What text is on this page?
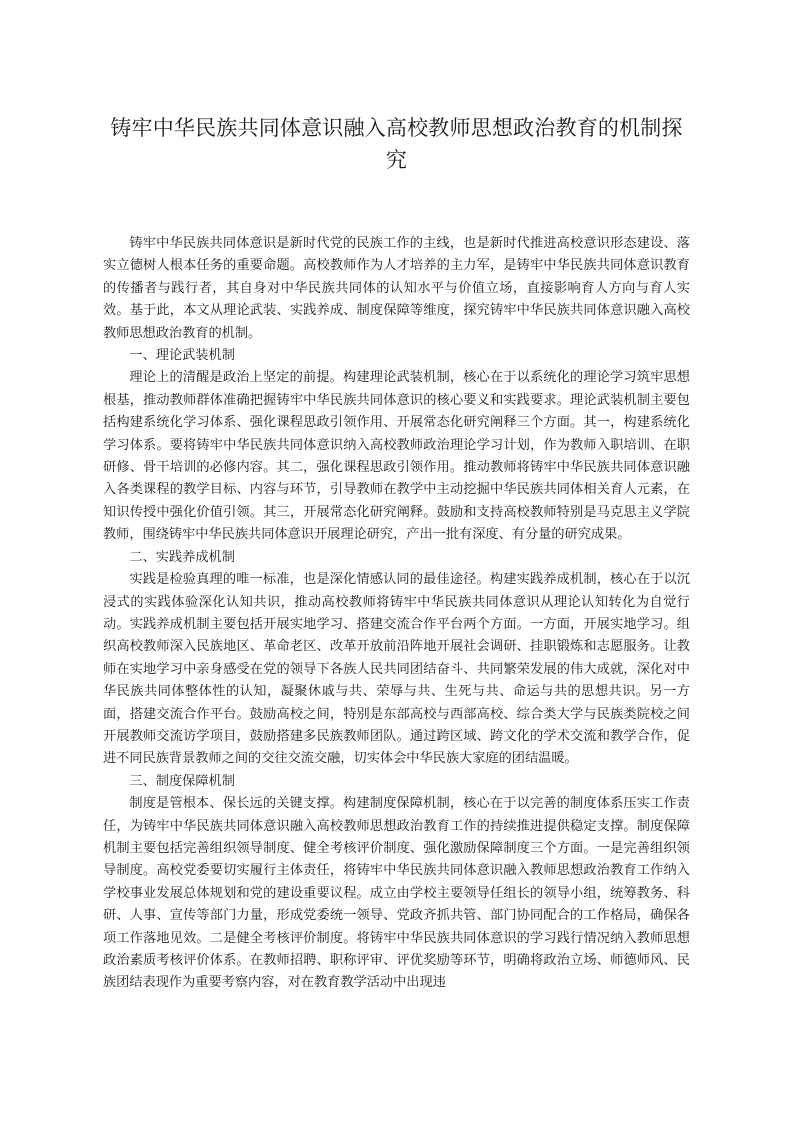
铸牢中华民族共同体意识融入高校教师思想政治教育的机制探究

铸牢中华民族共同体意识是新时代党的民族工作的主线，也是新时代推进高校意识形态建设、落实立德树人根本任务的重要命题。高校教师作为人才培养的主力军，是铸牢中华民族共同体意识教育的传播者与践行者，其自身对中华民族共同体的认知水平与价值立场，直接影响育人方向与育人实效。基于此，本文从理论武装、实践养成、制度保障等维度，探究铸牢中华民族共同体意识融入高校教师思想政治教育的机制。

一、理论武装机制

理论上的清醒是政治上坚定的前提。构建理论武装机制，核心在于以系统化的理论学习筑牢思想根基，推动教师群体准确把握铸牢中华民族共同体意识的核心要义和实践要求。理论武装机制主要包括构建系统化学习体系、强化课程思政引领作用、开展常态化研究阐释三个方面。其一，构建系统化学习体系。要将铸牢中华民族共同体意识纳入高校教师政治理论学习计划，作为教师入职培训、在职研修、骨干培训的必修内容。其二，强化课程思政引领作用。推动教师将铸牢中华民族共同体意识融入各类课程的教学目标、内容与环节，引导教师在教学中主动挖掘中华民族共同体相关育人元素，在知识传授中强化价值引领。其三，开展常态化研究阐释。鼓励和支持高校教师特别是马克思主义学院教师，围绕铸牢中华民族共同体意识开展理论研究，产出一批有深度、有分量的研究成果。

二、实践养成机制

实践是检验真理的唯一标准，也是深化情感认同的最佳途径。构建实践养成机制，核心在于以沉浸式的实践体验深化认知共识，推动高校教师将铸牢中华民族共同体意识从理论认知转化为自觉行动。实践养成机制主要包括开展实地学习、搭建交流合作平台两个方面。一方面，开展实地学习。组织高校教师深入民族地区、革命老区、改革开放前沿阵地开展社会调研、挂职锻炼和志愿服务。让教师在实地学习中亲身感受在党的领导下各族人民共同团结奋斗、共同繁荣发展的伟大成就，深化对中华民族共同体整体性的认知，凝聚休戚与共、荣辱与共、生死与共、命运与共的思想共识。另一方面，搭建交流合作平台。鼓励高校之间，特别是东部高校与西部高校、综合类大学与民族类院校之间开展教师交流访学项目，鼓励搭建多民族教师团队。通过跨区域、跨文化的学术交流和教学合作，促进不同民族背景教师之间的交往交流交融，切实体会中华民族大家庭的团结温暖。

三、制度保障机制

制度是管根本、保长远的关键支撑。构建制度保障机制，核心在于以完善的制度体系压实工作责任，为铸牢中华民族共同体意识融入高校教师思想政治教育工作的持续推进提供稳定支撑。制度保障机制主要包括完善组织领导制度、健全考核评价制度、强化激励保障制度三个方面。一是完善组织领导制度。高校党委要切实履行主体责任，将铸牢中华民族共同体意识融入教师思想政治教育工作纳入学校事业发展总体规划和党的建设重要议程。成立由学校主要领导任组长的领导小组，统筹教务、科研、人事、宣传等部门力量，形成党委统一领导、党政齐抓共管、部门协同配合的工作格局，确保各项工作落地见效。二是健全考核评价制度。将铸牢中华民族共同体意识的学习践行情况纳入教师思想政治素质考核评价体系。在教师招聘、职称评审、评优奖励等环节，明确将政治立场、师德师风、民族团结表现作为重要考察内容，对在教育教学活动中出现违
